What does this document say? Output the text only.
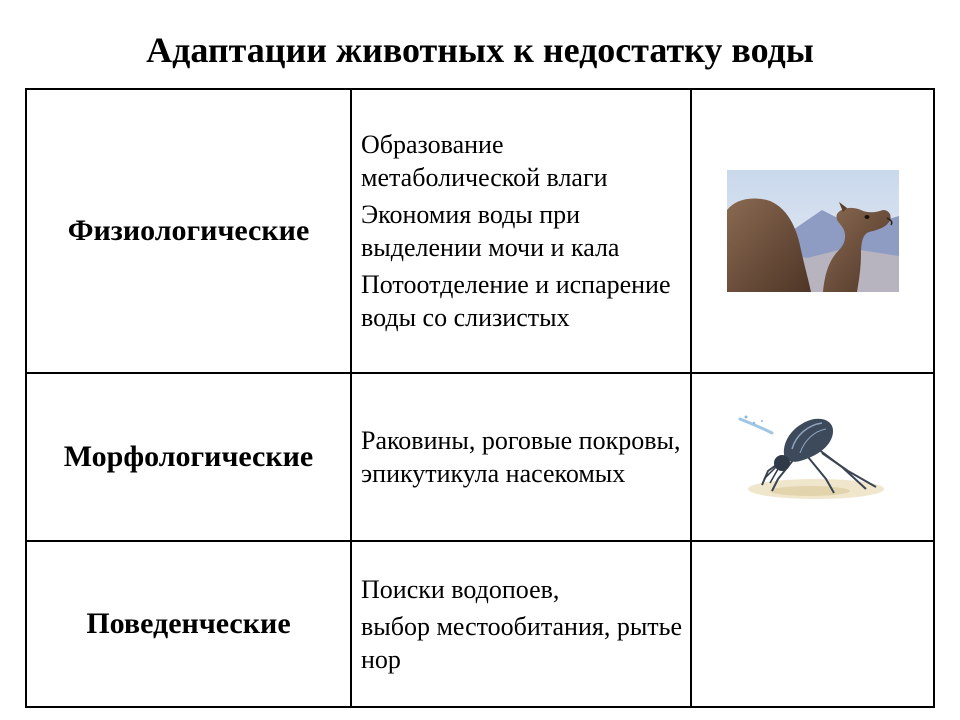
Адаптации животных к недостатку воды
Физиологические	Образование метаболической влаги
Экономия воды при выделении мочи и кала
Потоотделение и испарение воды со слизистых

Морфологические	Раковины, роговые покровы, эпикутикула насекомых

Поведенческие	Поиски водопоев,
выбор местообитания, рытье нор	
